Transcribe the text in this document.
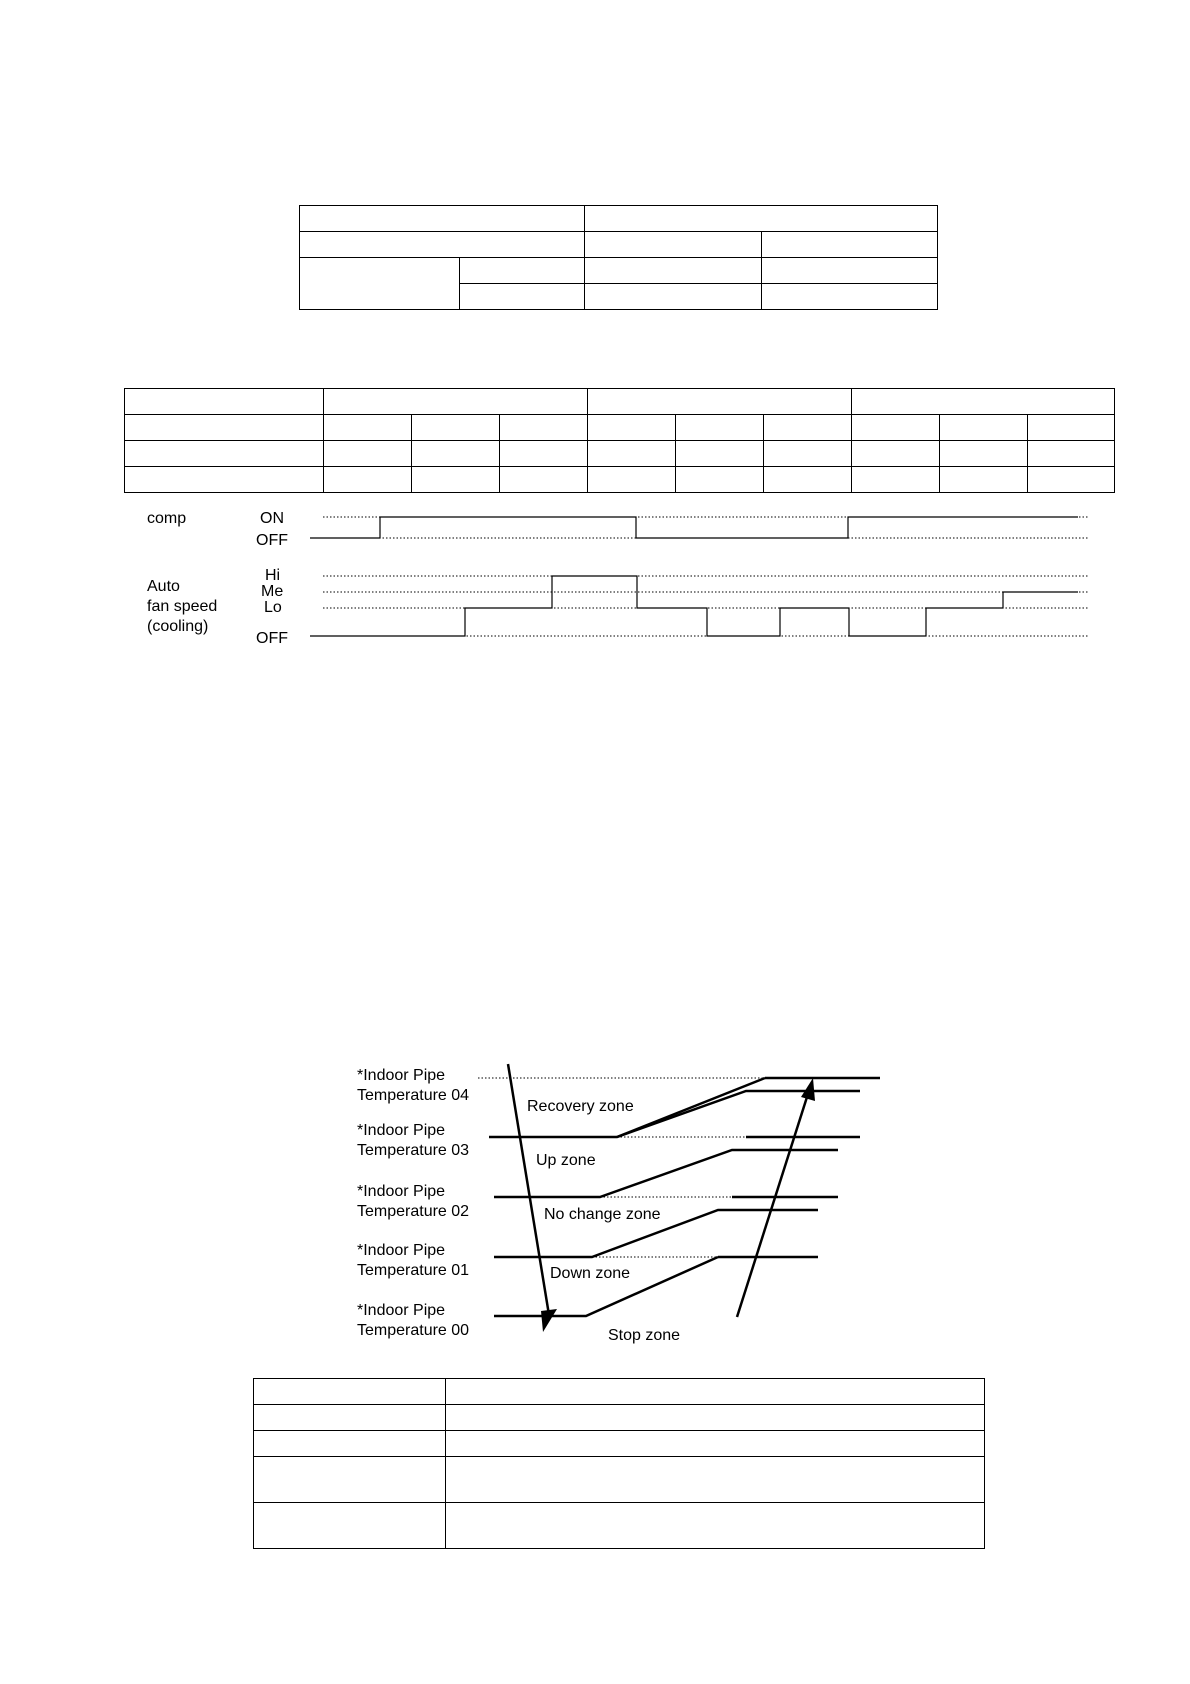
comp	ON
OFF
Auto
fan speed
(cooling)
Hi
Me
Lo
OFF
*Indoor Pipe
Temperature 04
*Indoor Pipe
Temperature 03
*Indoor Pipe
Temperature 02
*Indoor Pipe
Temperature 01
*Indoor Pipe
Temperature 00
Recovery zone
Up zone
No change zone
Down zone
Stop zone
